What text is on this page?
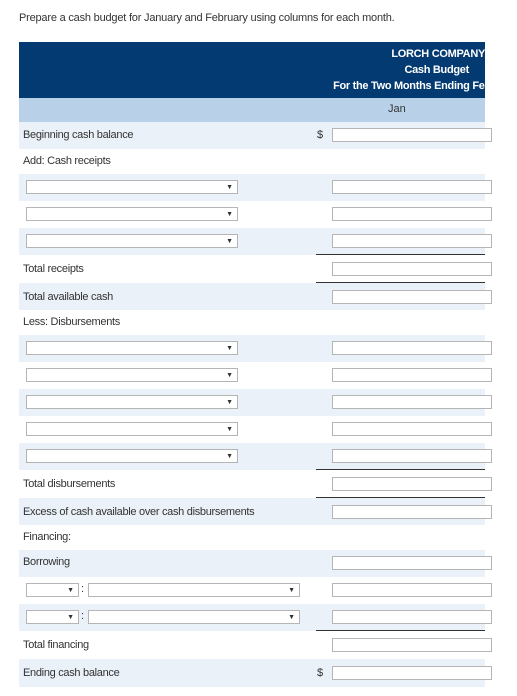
Prepare a cash budget for January and February using columns for each month.
LORCH COMPANY
Cash Budget
For the Two Months Ending February
Jan
Beginning cash balance	$
Add: Cash receipts
▼
▼
▼
Total receipts
Total available cash
Less: Disbursements
▼
▼
▼
▼
▼
Total disbursements
Excess of cash available over cash disbursements
Financing:
Borrowing
▼ :	▼
▼ :	▼
Total financing
Ending cash balance	$
